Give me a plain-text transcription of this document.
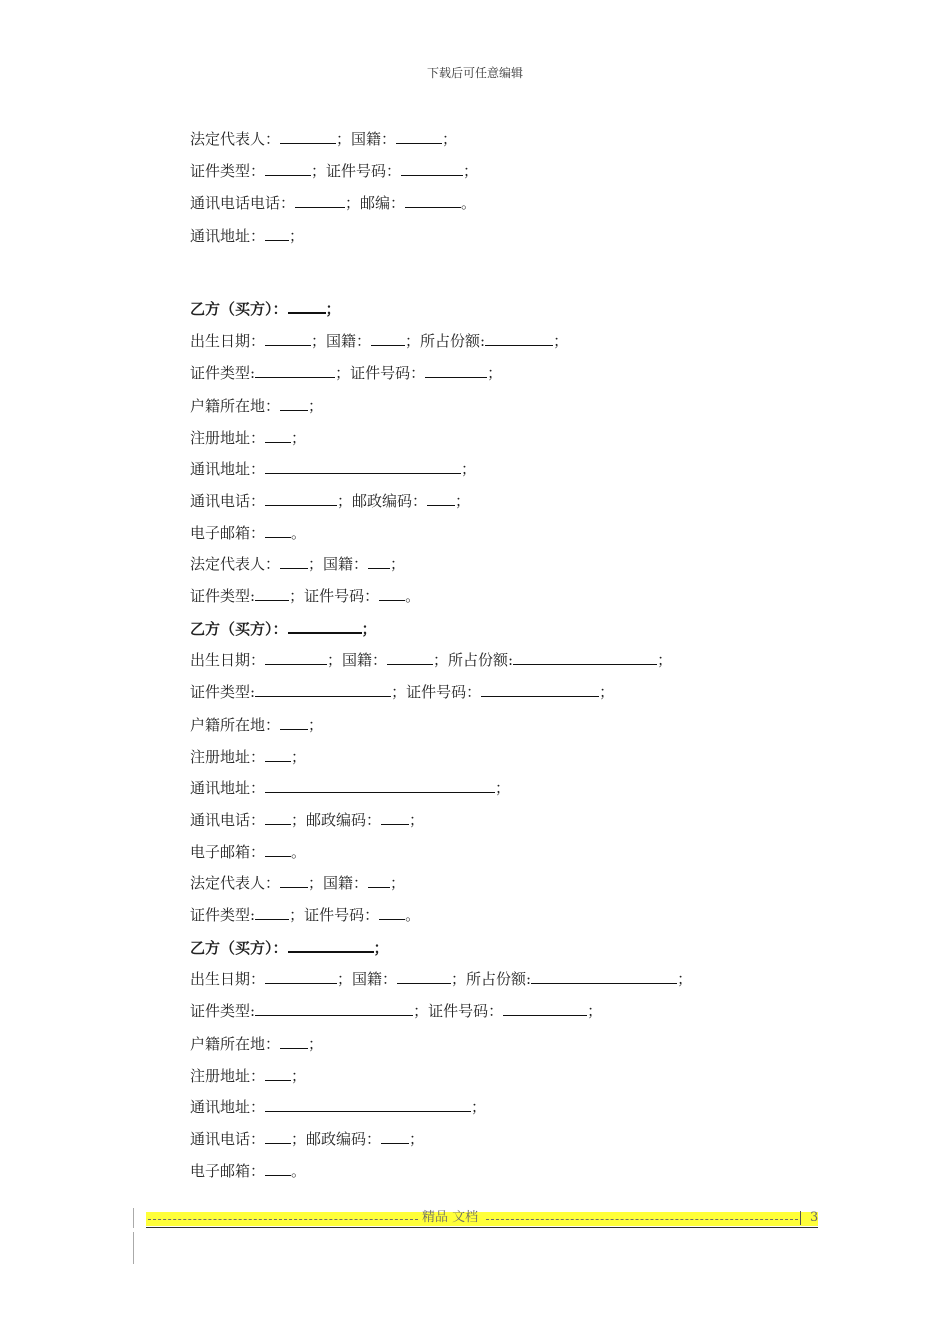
下载后可任意编辑
法定代表人：	；国籍：	；
证件类型：	；证件号码：	；
通讯电话电话：	；邮编：	。
通讯地址： ；
乙方（买方）：	；
出生日期：	；国籍： ；所占份额:	；
证件类型:	；证件号码：	；
户籍所在地： ；
注册地址： ；
通讯地址：	；
通讯电话：	；邮政编码： ；
电子邮箱： 。
法定代表人： ；国籍： ；
证件类型: ；证件号码： 。
乙方（买方）：	；
出生日期：	；国籍：	；所占份额:	；
证件类型:	；证件号码：	；
户籍所在地： ；
注册地址： ；
通讯地址：	；
通讯电话： ；邮政编码： ；
电子邮箱： 。
法定代表人： ；国籍： ；
证件类型: ；证件号码： 。
乙方（买方）：	；
出生日期：	；国籍：	；所占份额:	；
证件类型:	；证件号码：	；
户籍所在地： ；
注册地址： ；
通讯地址：	；
通讯电话： ；邮政编码： ；
电子邮箱： 。
精品 文档	3
